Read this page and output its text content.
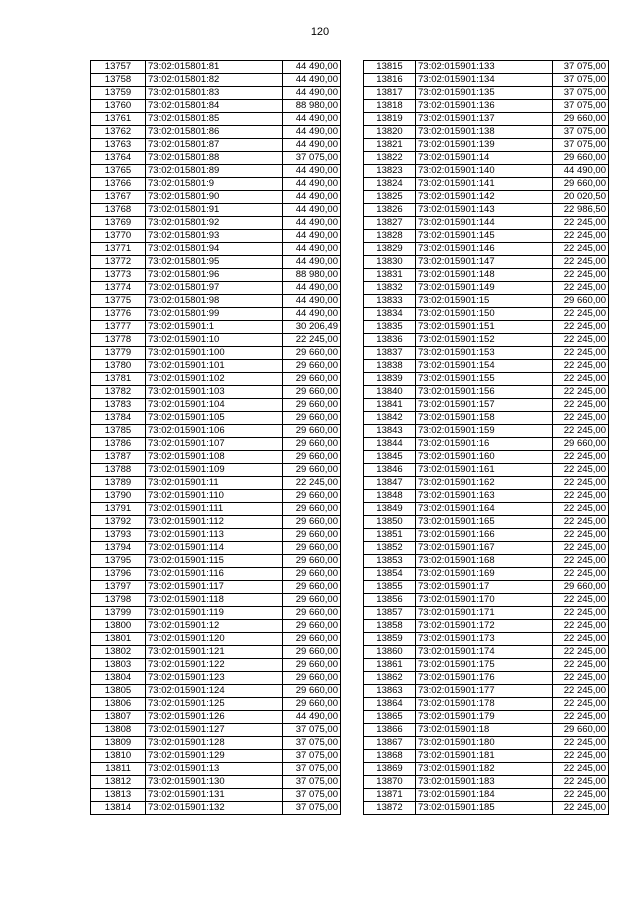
120
13757	73:02:015801:81	44 490,00
13758	73:02:015801:82	44 490,00
13759	73:02:015801:83	44 490,00
13760	73:02:015801:84	88 980,00
13761	73:02:015801:85	44 490,00
13762	73:02:015801:86	44 490,00
13763	73:02:015801:87	44 490,00
13764	73:02:015801:88	37 075,00
13765	73:02:015801:89	44 490,00
13766	73:02:015801:9	44 490,00
13767	73:02:015801:90	44 490,00
13768	73:02:015801:91	44 490,00
13769	73:02:015801:92	44 490,00
13770	73:02:015801:93	44 490,00
13771	73:02:015801:94	44 490,00
13772	73:02:015801:95	44 490,00
13773	73:02:015801:96	88 980,00
13774	73:02:015801:97	44 490,00
13775	73:02:015801:98	44 490,00
13776	73:02:015801:99	44 490,00
13777	73:02:015901:1	30 206,49
13778	73:02:015901:10	22 245,00
13779	73:02:015901:100	29 660,00
13780	73:02:015901:101	29 660,00
13781	73:02:015901:102	29 660,00
13782	73:02:015901:103	29 660,00
13783	73:02:015901:104	29 660,00
13784	73:02:015901:105	29 660,00
13785	73:02:015901:106	29 660,00
13786	73:02:015901:107	29 660,00
13787	73:02:015901:108	29 660,00
13788	73:02:015901:109	29 660,00
13789	73:02:015901:11	22 245,00
13790	73:02:015901:110	29 660,00
13791	73:02:015901:111	29 660,00
13792	73:02:015901:112	29 660,00
13793	73:02:015901:113	29 660,00
13794	73:02:015901:114	29 660,00
13795	73:02:015901:115	29 660,00
13796	73:02:015901:116	29 660,00
13797	73:02:015901:117	29 660,00
13798	73:02:015901:118	29 660,00
13799	73:02:015901:119	29 660,00
13800	73:02:015901:12	29 660,00
13801	73:02:015901:120	29 660,00
13802	73:02:015901:121	29 660,00
13803	73:02:015901:122	29 660,00
13804	73:02:015901:123	29 660,00
13805	73:02:015901:124	29 660,00
13806	73:02:015901:125	29 660,00
13807	73:02:015901:126	44 490,00
13808	73:02:015901:127	37 075,00
13809	73:02:015901:128	37 075,00
13810	73:02:015901:129	37 075,00
13811	73:02:015901:13	37 075,00
13812	73:02:015901:130	37 075,00
13813	73:02:015901:131	37 075,00
13814	73:02:015901:132	37 075,00
13815	73:02:015901:133	37 075,00
13816	73:02:015901:134	37 075,00
13817	73:02:015901:135	37 075,00
13818	73:02:015901:136	37 075,00
13819	73:02:015901:137	29 660,00
13820	73:02:015901:138	37 075,00
13821	73:02:015901:139	37 075,00
13822	73:02:015901:14	29 660,00
13823	73:02:015901:140	44 490,00
13824	73:02:015901:141	29 660,00
13825	73:02:015901:142	20 020,50
13826	73:02:015901:143	22 986,50
13827	73:02:015901:144	22 245,00
13828	73:02:015901:145	22 245,00
13829	73:02:015901:146	22 245,00
13830	73:02:015901:147	22 245,00
13831	73:02:015901:148	22 245,00
13832	73:02:015901:149	22 245,00
13833	73:02:015901:15	29 660,00
13834	73:02:015901:150	22 245,00
13835	73:02:015901:151	22 245,00
13836	73:02:015901:152	22 245,00
13837	73:02:015901:153	22 245,00
13838	73:02:015901:154	22 245,00
13839	73:02:015901:155	22 245,00
13840	73:02:015901:156	22 245,00
13841	73:02:015901:157	22 245,00
13842	73:02:015901:158	22 245,00
13843	73:02:015901:159	22 245,00
13844	73:02:015901:16	29 660,00
13845	73:02:015901:160	22 245,00
13846	73:02:015901:161	22 245,00
13847	73:02:015901:162	22 245,00
13848	73:02:015901:163	22 245,00
13849	73:02:015901:164	22 245,00
13850	73:02:015901:165	22 245,00
13851	73:02:015901:166	22 245,00
13852	73:02:015901:167	22 245,00
13853	73:02:015901:168	22 245,00
13854	73:02:015901:169	22 245,00
13855	73:02:015901:17	29 660,00
13856	73:02:015901:170	22 245,00
13857	73:02:015901:171	22 245,00
13858	73:02:015901:172	22 245,00
13859	73:02:015901:173	22 245,00
13860	73:02:015901:174	22 245,00
13861	73:02:015901:175	22 245,00
13862	73:02:015901:176	22 245,00
13863	73:02:015901:177	22 245,00
13864	73:02:015901:178	22 245,00
13865	73:02:015901:179	22 245,00
13866	73:02:015901:18	29 660,00
13867	73:02:015901:180	22 245,00
13868	73:02:015901:181	22 245,00
13869	73:02:015901:182	22 245,00
13870	73:02:015901:183	22 245,00
13871	73:02:015901:184	22 245,00
13872	73:02:015901:185	22 245,00
